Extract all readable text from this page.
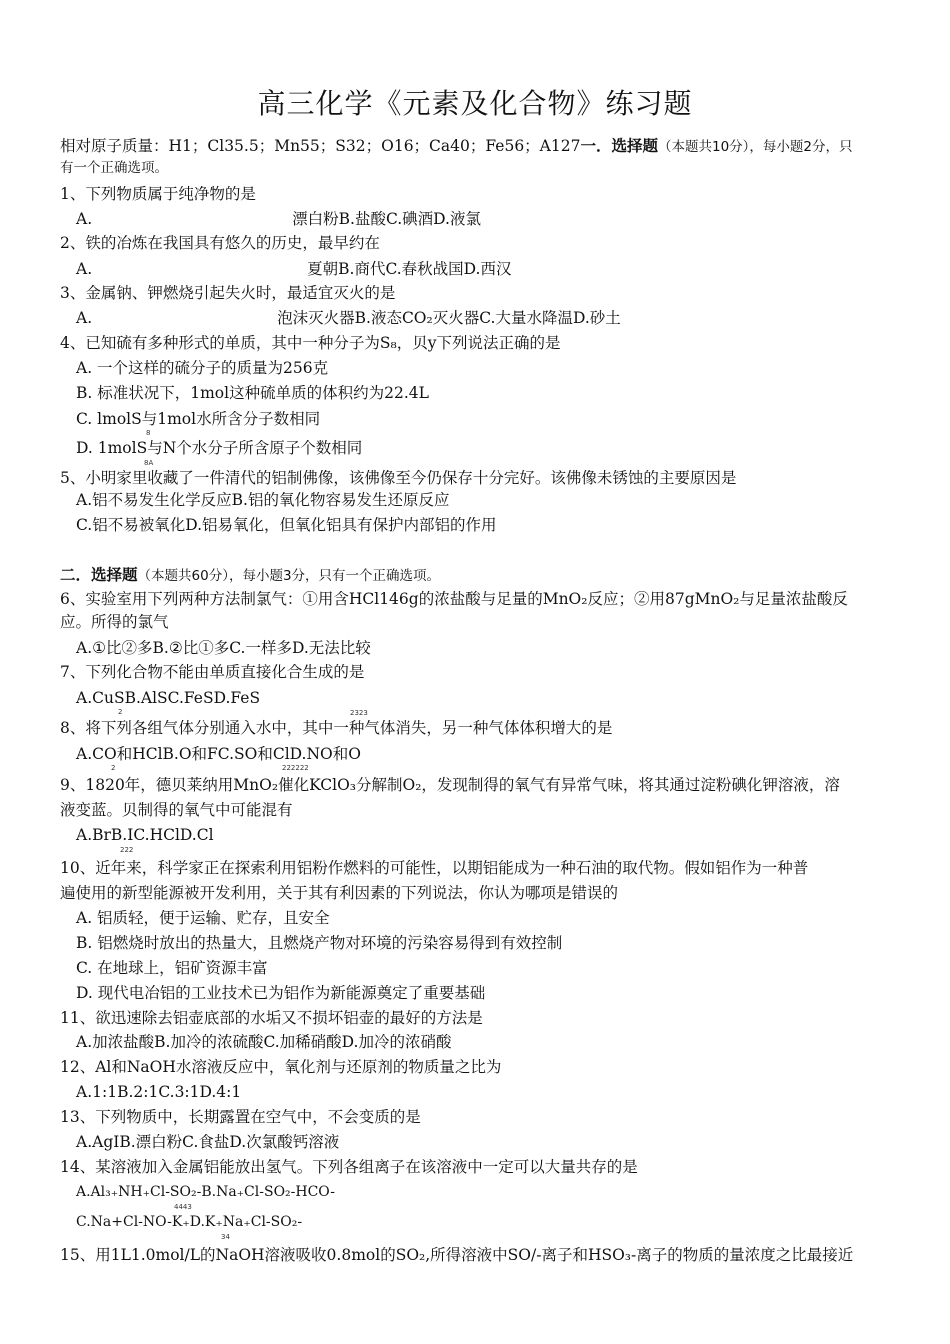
高三化学《元素及化合物》练习题
相对原子质量：H1；Cl35.5；Mn55；S32；O16；Ca40；Fe56；A127一．选择题（本题共10分），每小题2分，只
有一个正确选项。
1、下列物质属于纯净物的是
A.	漂白粉B.盐酸C.碘酒D.液氯
2、铁的冶炼在我国具有悠久的历史，最早约在
A.	夏朝B.商代C.春秋战国D.西汉
3、金属钠、钾燃烧引起失火时，最适宜灭火的是
A.	泡沫灭火器B.液态CO₂灭火器C.大量水降温D.砂土
4、已知硫有多种形式的单质，其中一种分子为S₈，贝y下列说法正确的是
A. 一个这样的硫分子的质量为256克
B. 标准状况下，1mol这种硫单质的体积约为22.4L
C. lmolS与1mol水所含分子数相同
8
D. 1molS与N个水分子所含原子个数相同
8A
5、小明家里收藏了一件清代的铝制佛像，该佛像至今仍保存十分完好。该佛像未锈蚀的主要原因是
A.铝不易发生化学反应B.铝的氧化物容易发生还原反应
C.铝不易被氧化D.铝易氧化，但氧化铝具有保护内部铝的作用
二．选择题（本题共60分），每小题3分，只有一个正确选项。
6、实验室用下列两种方法制氯气：①用含HCl146g的浓盐酸与足量的MnO₂反应；②用87gMnO₂与足量浓盐酸反
应。所得的氯气
A.①比②多B.②比①多C.一样多D.无法比较
7、下列化合物不能由单质直接化合生成的是
A.CuSB.AlSC.FeSD.FeS
2	2323
8、将下列各组气体分别通入水中，其中一种气体消失，另一种气体体积增大的是
A.CO和HClB.O和FC.SO和ClD.NO和O
2	222222
9、1820年，德贝莱纳用MnO₂催化KClO₃分解制O₂，发现制得的氧气有异常气味，将其通过淀粉碘化钾溶液，溶
液变蓝。贝制得的氧气中可能混有
A.BrB.IC.HClD.Cl
222
10、近年来，科学家正在探索利用铝粉作燃料的可能性，以期铝能成为一种石油的取代物。假如铝作为一种普
遍使用的新型能源被开发利用，关于其有利因素的下列说法，你认为哪项是错误的
A. 铝质轻，便于运输、贮存，且安全
B. 铝燃烧时放出的热量大，且燃烧产物对环境的污染容易得到有效控制
C. 在地球上，铝矿资源丰富
D. 现代电冶铝的工业技术已为铝作为新能源奠定了重要基础
11、欲迅速除去铝壶底部的水垢又不损坏铝壶的最好的方法是
A.加浓盐酸B.加冷的浓硫酸C.加稀硝酸D.加冷的浓硝酸
12、Al和NaOH水溶液反应中，氧化剂与还原剂的物质量之比为
A.1:1B.2:1C.3:1D.4:1
13、下列物质中，长期露置在空气中，不会变质的是
A.AgIB.漂白粉C.食盐D.次氯酸钙溶液
14、某溶液加入金属铝能放出氢气。下列各组离子在该溶液中一定可以大量共存的是
A.Al₃₊NH₊Cl-SO₂-B.Na₊Cl-SO₂-HCO-
4443
C.Na+Cl-NO-K₊D.K₊Na₊Cl-SO₂-
34
15、用1L1.0mol/L的NaOH溶液吸收0.8mol的SO₂,所得溶液中SO/-离子和HSO₃-离子的物质的量浓度之比最接近
